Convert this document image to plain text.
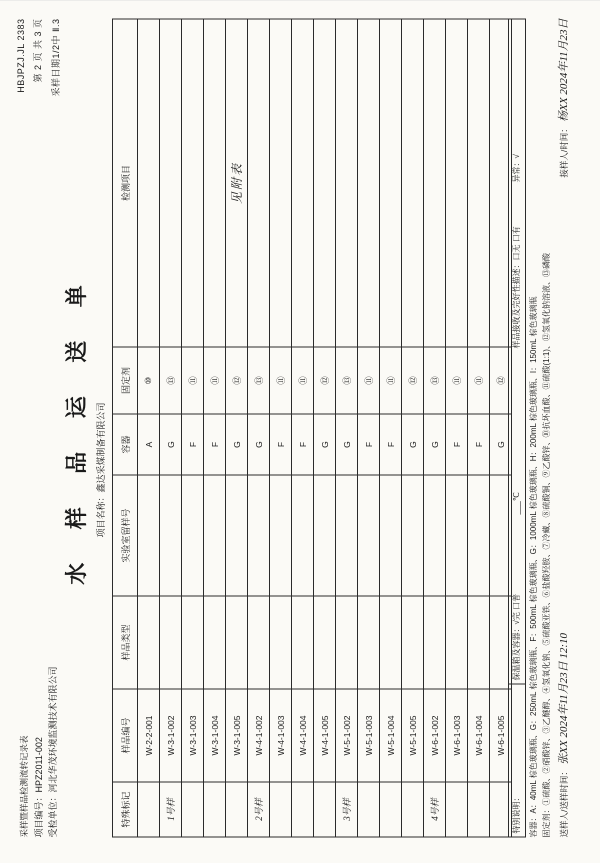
HBJPZJ.JL 2383 第 2 页 共 3 页 采样日期1/2中 Ⅱ.3
采样暨样品检测流转记录表 项目编号：HPZ2011-002 受检单位：河北华茂环境监测技术有限公司
水 样 品 运 送 单 项目名称：鑫达采煤制备有限公司
特殊标记	样品编号	样品类型	实验室留样号	容器	固定剂	检测项目
	W-2-2-001			A	⑩	
1号样	W-3-1-002			G	⑬	
	W-3-1-003			F	⑪	
	W-3-1-004			F	⑪	
	W-3-1-005			G	⑫	见附表
2号样	W-4-1-002			G	⑬	
	W-4-1-003			F	⑪	
	W-4-1-004			F	⑪	
	W-4-1-005			G	⑫	
3号样	W-5-1-002			G	⑬	
	W-5-1-003			F	⑪	
	W-5-1-004			F	⑪	
	W-5-1-005			G	⑫	
4号样	W-6-1-002			G	⑬	
	W-6-1-003			F	⑪	
	W-6-1-004			F	⑪	
	W-6-1-005			G	⑫	
特别说明：
保温箱及容器：√完 口普
___℃
样品接收及完好性描述：口无 口有
异常：√
容器：A：40mL 棕色玻璃瓶、G：250mL 棕色玻璃瓶、F：500mL 棕色玻璃瓶、G：1000mL 棕色玻璃瓶、H：200mL 棕色玻璃瓶、I：150mL 棕色玻璃瓶 固定剂：①硫酸、②硝酸锌、③乙醚醇、④氢氧化钠、⑤硫酸亚铁、⑥盐酸羟胺、⑦冷藏、⑧硫酸铜、⑨乙酸锌、⑩抗坏血酸、⑪硫酸(1:1)、⑫氢氧化钠溶液、⑬磷酸 送样人/送样时间： 张XX 2024年11月23日 12:10
接样人/时间： 杨XX 2024年11月23日
